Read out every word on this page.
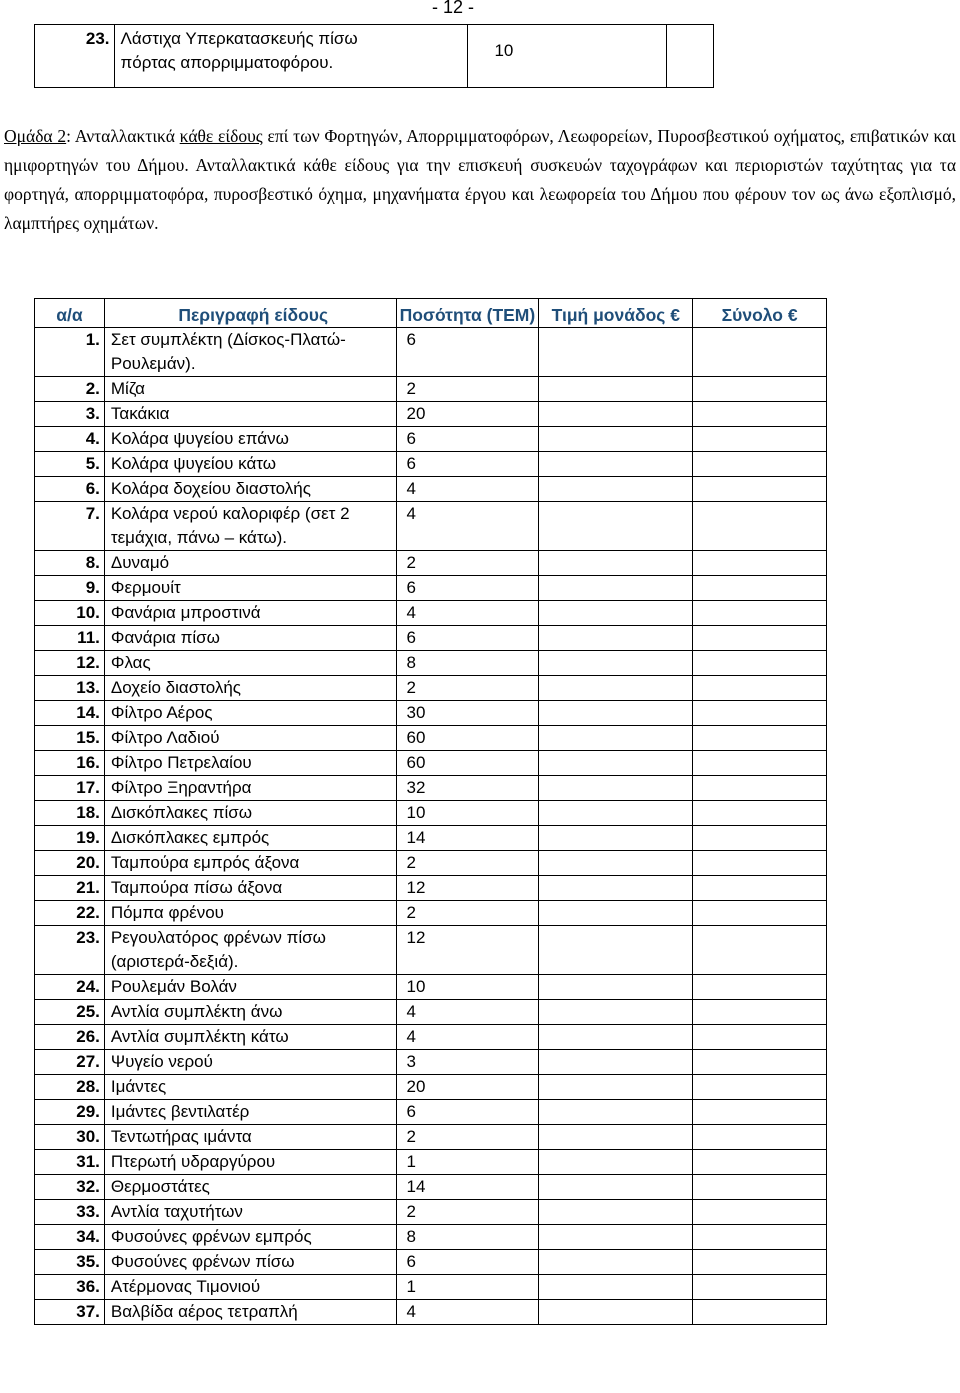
- 12 -
23.	Λάστιχα Υπερκατασκευής πίσω
πόρτας απορριμματοφόρου.
	10	
Ομάδα 2: Ανταλλακτικά κάθε είδους επί των Φορτηγών, Απορριμματοφόρων, Λεωφορείων, Πυροσβεστικού οχήματος, επιβατικών και ημιφορτηγών του Δήμου. Ανταλλακτικά κάθε είδους για την επισκευή συσκευών ταχογράφων και περιοριστών ταχύτητας για τα φορτηγά, απορριμματοφόρα, πυροσβεστικό όχημα, μηχανήματα έργου και λεωφορεία του Δήμου που φέρουν τον ως άνω εξοπλισμό, λαμπτήρες οχημάτων.
α/α	Περιγραφή είδους	Ποσότητα (ΤΕΜ)	Τιμή μονάδος €	Σύνολο €
1.	Σετ συμπλέκτη (Δίσκος-Πλατώ-Ρουλεμάν).	6		
2.	Μίζα	2		
3.	Τακάκια	20		
4.	Κολάρα ψυγείου επάνω	6		
5.	Κολάρα ψυγείου κάτω	6		
6.	Κολάρα δοχείου διαστολής	4		
7.	Κολάρα νερού καλοριφέρ (σετ 2 τεμάχια, πάνω – κάτω).	4		
8.	Δυναμό	2		
9.	Φερμουίτ	6		
10.	Φανάρια μπροστινά	4		
11.	Φανάρια πίσω	6		
12.	Φλας	8		
13.	Δοχείο διαστολής	2		
14.	Φίλτρο Αέρος	30		
15.	Φίλτρο Λαδιού	60		
16.	Φίλτρο Πετρελαίου	60		
17.	Φίλτρο Ξηραντήρα	32		
18.	Δισκόπλακες πίσω	10		
19.	Δισκόπλακες εμπρός	14		
20.	Ταμπούρα εμπρός άξονα	2		
21.	Ταμπούρα πίσω άξονα	12		
22.	Πόμπα φρένου	2		
23.	Ρεγουλατόρος φρένων πίσω (αριστερά-δεξιά).	12		
24.	Ρουλεμάν Βολάν	10		
25.	Αντλία συμπλέκτη άνω	4		
26.	Αντλία συμπλέκτη κάτω	4		
27.	Ψυγείο νερού	3		
28.	Ιμάντες	20		
29.	Ιμάντες βεντιλατέρ	6		
30.	Τεντωτήρας ιμάντα	2		
31.	Πτερωτή υδραργύρου	1		
32.	Θερμοστάτες	14		
33.	Αντλία ταχυτήτων	2		
34.	Φυσούνες φρένων εμπρός	8		
35.	Φυσούνες φρένων πίσω	6		
36.	Ατέρμονας Τιμονιού	1		
37.	Βαλβίδα αέρος τετραπλή	4		
